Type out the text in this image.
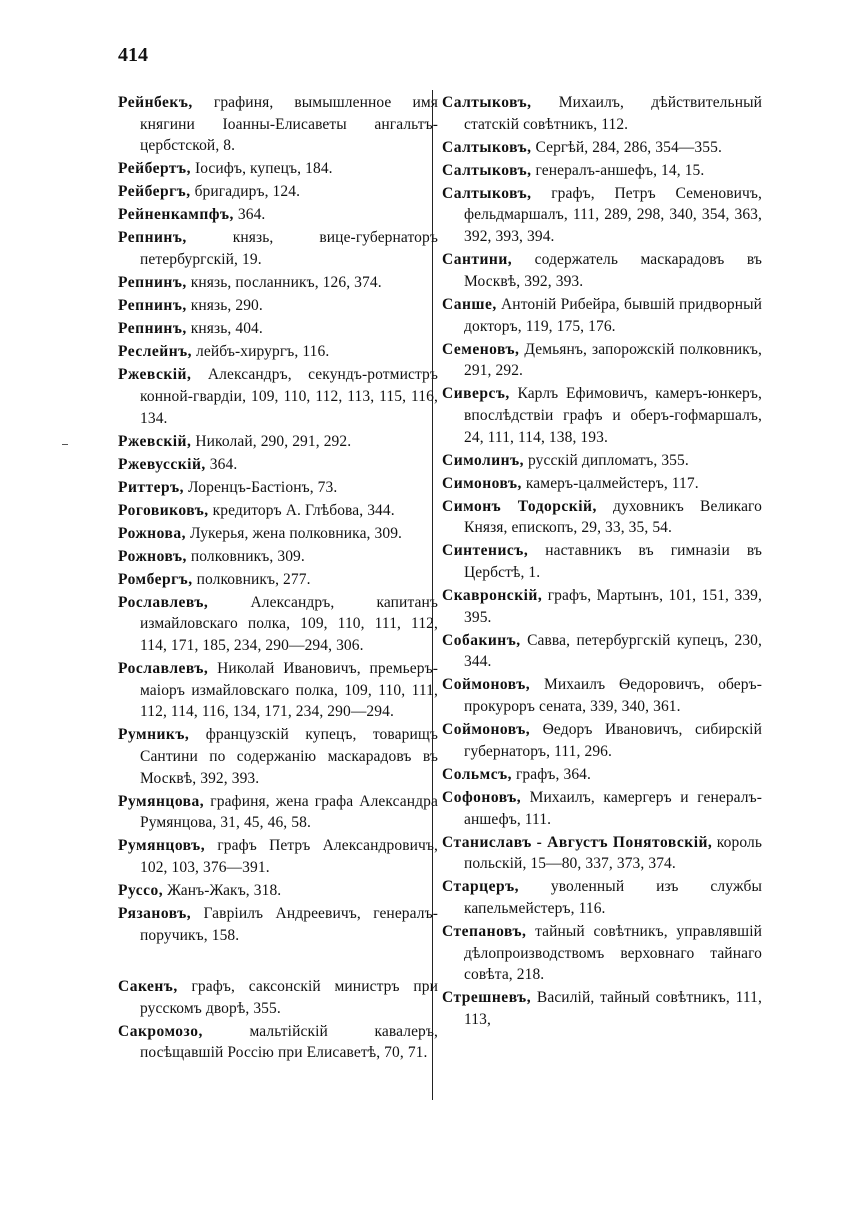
414

Рейнбекъ, графиня, вымышленное имя княгини Іоанны-Елисаветы ангальтъ-цербстской, 8.

Рейбертъ, Іосифъ, купецъ, 184.

Рейбергъ, бригадиръ, 124.

Рейненкампфъ, 364.

Репнинъ,	князь, вице-губернаторъ петербургскій, 19.

Репнинъ, князь, посланникъ, 126, 374.

Репнинъ, князь, 290.

Репнинъ, князь, 404.

Реслейнъ, лейбъ-хирургъ, 116.

Ржевскій, Александръ, секундъ-ротмистръ конной-гвардіи, 109, 110, 112, 113, 115, 116, 134.

Ржевскій, Николай, 290, 291, 292.

Ржевусскій, 364.

Риттеръ, Лоренцъ-Бастіонъ, 73.

Роговиковъ, кредиторъ А. Глѣбова, 344.

Рожнова, Лукерья, жена полковника, 309.

Рожновъ, полковникъ, 309.

Ромбергъ, полковникъ, 277.

Рославлевъ,	Александръ, капитанъ измайловскаго полка, 109, 110, 111, 112, 114, 171, 185, 234, 290—294, 306.

Рославлевъ, Николай Ивановичъ, премьеръ-маіоръ измайловскаго полка, 109, 110, 111, 112, 114, 116, 134, 171, 234, 290—294.

Румникъ, французскій купецъ, товарищъ Сантини по содержанію маскарадовъ въ Москвѣ, 392, 393.

Румянцова, графиня, жена графа Александра Румянцова, 31, 45, 46, 58.

Румянцовъ, графъ Петръ Александровичъ, 102, 103, 376—391.

Руссо, Жанъ-Жакъ, 318.

Рязановъ, Гавріилъ Андреевичъ, генералъ-поручикъ, 158.

Сакенъ, графъ, саксонскій министръ при русскомъ дворѣ, 355.

Сакромозо,	мальтійскій кавалеръ, посѣщавшій Россію при Елисаветѣ, 70, 71.

Салтыковъ, Михаилъ, дѣйствительный статскій совѣтникъ, 112.

Салтыковъ, Сергѣй, 284, 286, 354—355.

Салтыковъ, генералъ-аншефъ, 14, 15.

Салтыковъ, графъ, Петръ Семеновичъ, фельдмаршалъ, 111, 289, 298, 340, 354, 363, 392, 393, 394.

Сантини, содержатель маскарадовъ въ Москвѣ, 392, 393.

Санше, Антоній Рибейра, бывшій придворный докторъ, 119, 175, 176.

Семеновъ, Демьянъ, запорожскій полковникъ, 291, 292.

Сиверсъ, Карлъ Ефимовичъ, камеръ-юнкеръ, впослѣдствіи графъ и оберъ-гофмаршалъ, 24, 111, 114, 138, 193.

Симолинъ, русскій дипломатъ, 355.

Симоновъ, камеръ-цалмейстеръ, 117.

Симонъ Тодорскій, духовникъ Великаго Князя, епископъ, 29, 33, 35, 54.

Синтенисъ, наставникъ въ гимназіи въ Цербстѣ, 1.

Скавронскій, графъ, Мартынъ, 101, 151, 339, 395.

Собакинъ, Савва, петербургскій купецъ, 230, 344.

Соймоновъ, Михаилъ Ѳедоровичъ, оберъ-прокуроръ сената, 339, 340, 361.

Соймоновъ, Ѳедоръ Ивановичъ, сибирскій губернаторъ, 111, 296.

Сольмсъ, графъ, 364.

Софоновъ, Михаилъ, камергеръ и генералъ-аншефъ, 111.

Станиславъ - Августъ Понятовскій, король польскій, 15—80, 337, 373, 374.

Старцеръ, уволенный изъ службы капельмейстеръ, 116.

Степановъ, тайный совѣтникъ, управлявшій дѣлопроизводствомъ верховнаго тайнаго совѣта, 218.

Стрешневъ, Василій, тайный совѣтникъ, 111, 113,
